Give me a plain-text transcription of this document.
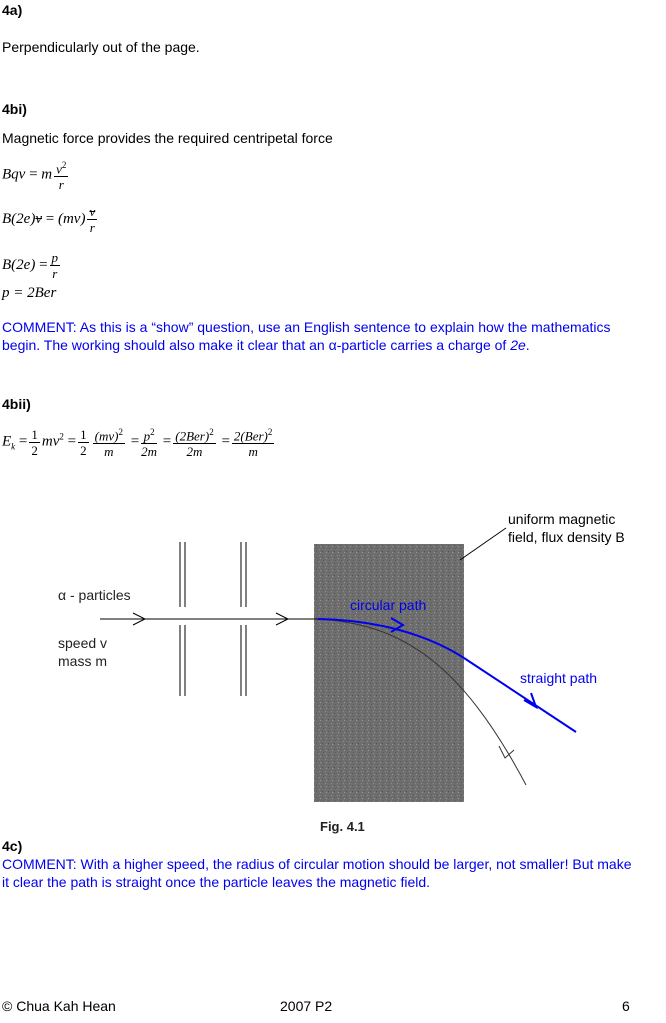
4a)
Perpendicularly out of the page.
4bi)
Magnetic force provides the required centripetal force
Bqv = m $\frac{v^2}{r}$
$B(2e)v = (mv) \frac{v}{r}$
$B(2e) = \frac{p}{r}$
p = 2Ber
COMMENT: As this is a “show” question, use an English sentence to explain how the mathematics
begin. The working should also make it clear that an α-particle carries a charge of 2e.
4bii)
$E_k = \frac{1}{2} mv^2 = \frac{1}{2} \frac{(mv)^2}{m} = \frac{p^2}{2m} = \frac{(2Ber)^2}{2m} = \frac{2(Ber)^2}{m}$
uniform magnetic
field, flux density B
α - particles
speed v
mass m
circular path
straight path
Fig. 4.1
4c)
COMMENT: With a higher speed, the radius of circular motion should be larger, not smaller! But make
it clear the path is straight once the particle leaves the magnetic field.
© Chua Kah Hean	2007 P2	6
